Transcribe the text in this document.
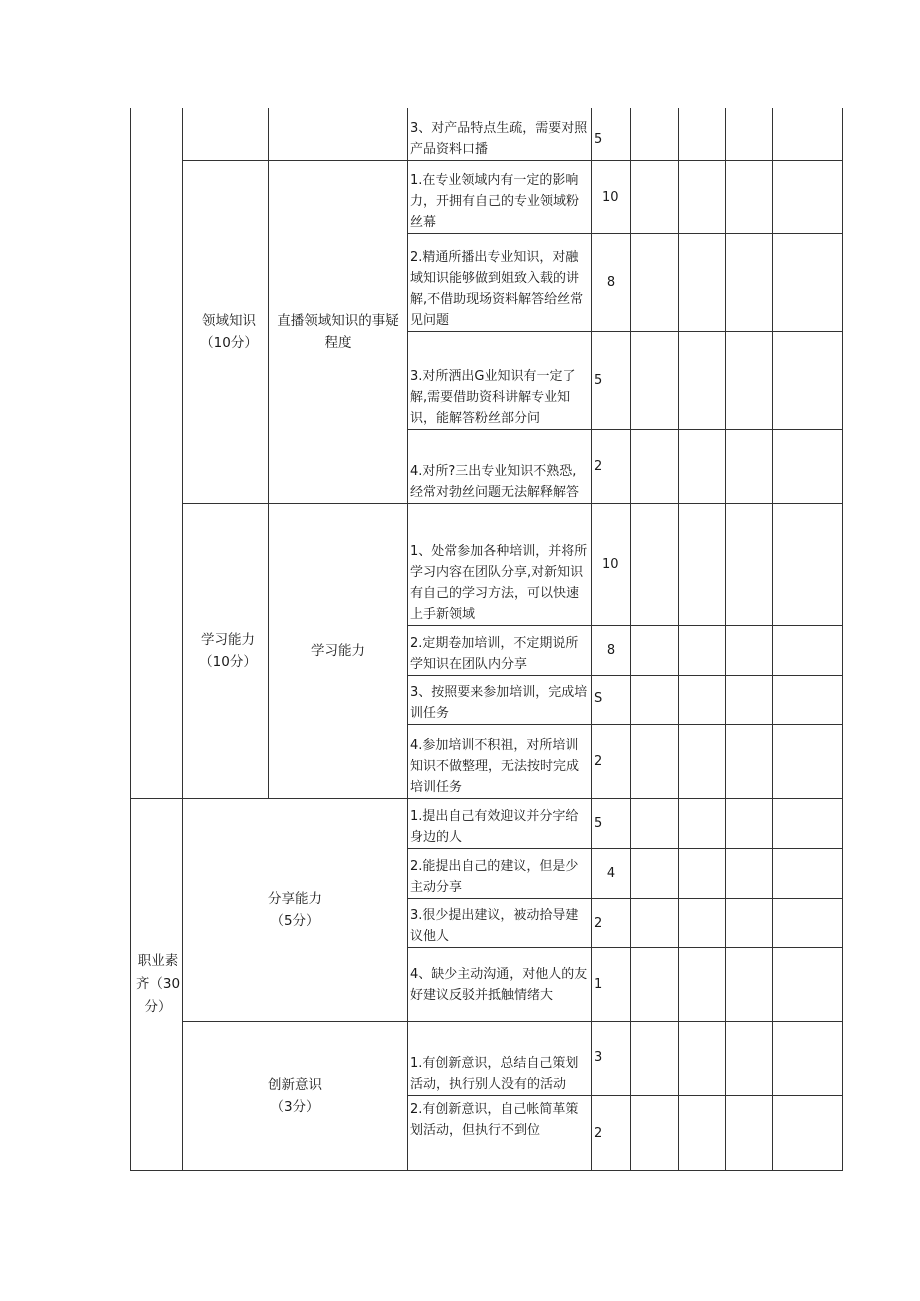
3、对产品特点生疏，需要对照产品资料口播
5
领域知识（10分）
直播领域知识的事疑程度
1.在专业领域内有一定的影响力，开拥有自己的专业领域粉丝幕
10
2.精通所播出专业知识，对融域知识能够做到姐致入载的讲解,不借助现场资料解答给丝常见问题
8
3.对所洒出G业知识有一定了解,需要借助资科讲解专业知识，能解答粉丝部分问
5
4.对所?三出专业知识不熟恐,经常对勃丝问题无法解释解答
2
学习能力（10分）
学习能力
1、处常参加各种培训，并将所学习内容在团队分享,对新知识有自己的学习方法，可以快速上手新领域
10
2.定期卷加培训，不定期说所学知识在团队内分享
8
3、按照要来参加培训，完成培训任务
S
4.参加培训不积祖，对所培训知识不做整理，无法按时完成培训任务
2
职业素齐（30分）
分享能力（5分）
1.提出自己有效迎议并分字给身边的人
5
2.能提出自己的建议，但是少主动分享
4
3.很少提出建议，被动拾导建议他人
2
4、缺少主动沟通，对他人的友好建议反驳并抵触情绪大
1
创新意识（3分）
1.有创新意识，总结自己策划活动，执行别人没有的活动
3
2.有创新意识，自己帐简革策划活动，但执行不到位	2
